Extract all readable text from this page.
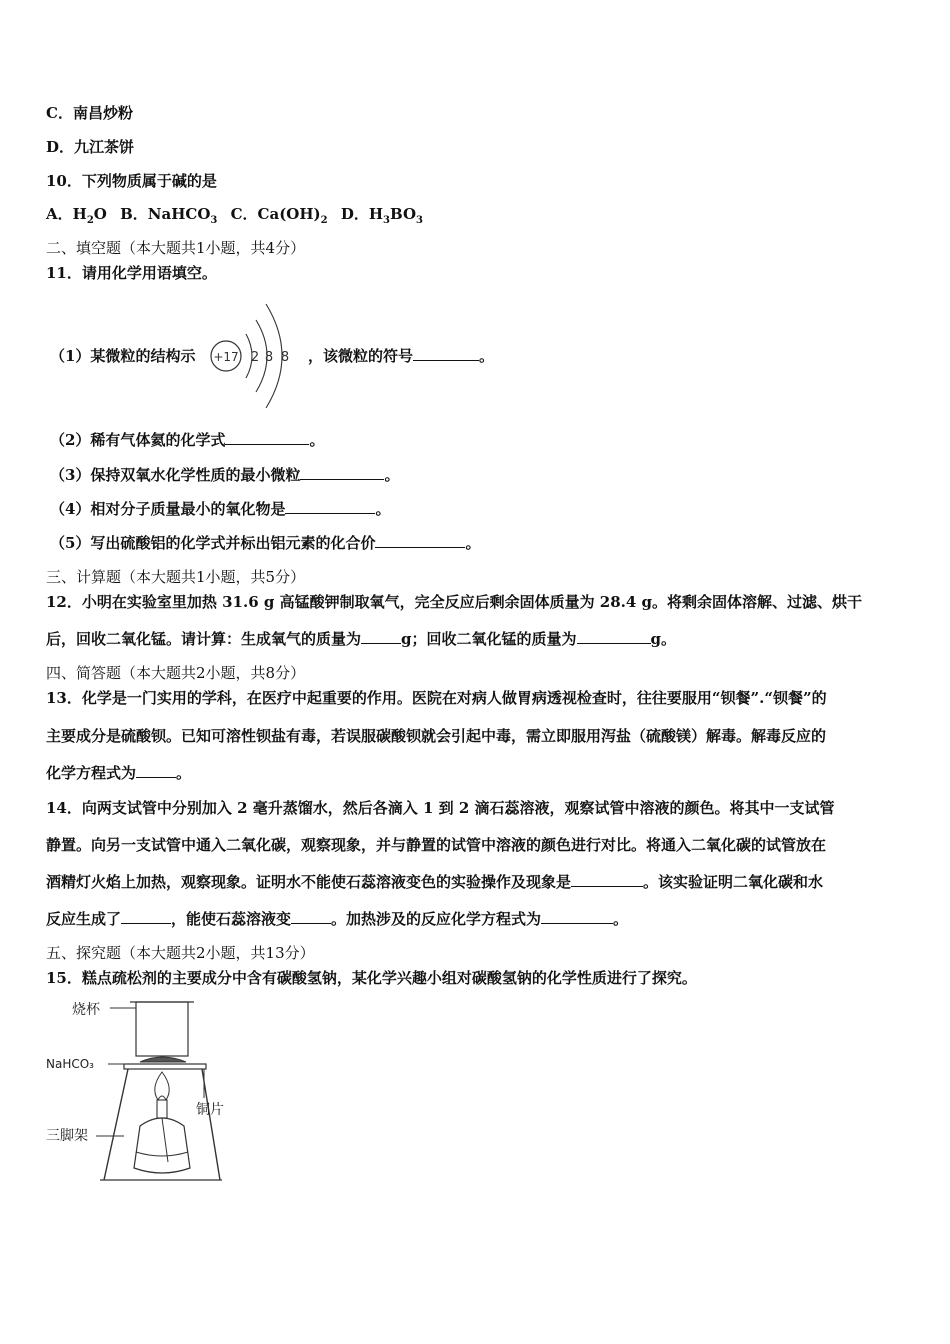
C．南昌炒粉
D．九江茶饼
10．下列物质属于碱的是
A．$H_2O$ B．NaHCO$_3$ C．$Ca(OH)_2$ D．$H_3BO_3$
二、填空题（本大题共1小题，共4分）
11．请用化学用语填空。
（1）某微粒的结构示 +17 2 8 8 ，该微粒的符号	。
（2）稀有气体氦的化学式	。
（3）保持双氧水化学性质的最小微粒	。
（4）相对分子质量最小的氧化物是	。
（5）写出硫酸铝的化学式并标出铝元素的化合价	。
三、计算题（本大题共1小题，共5分）
12．小明在实验室里加热 31.6 g 高锰酸钾制取氧气，完全反应后剩余固体质量为 28.4 g。将剩余固体溶解、过滤、烘干
后，回收二氧化锰。请计算：生成氧气的质量为	g；回收二氧化锰的质量为	g。
四、简答题（本大题共2小题，共8分）
13．化学是一门实用的学科，在医疗中起重要的作用。医院在对病人做胃病透视检查时，往往要服用“钡餐”.“钡餐”的
主要成分是硫酸钡。已知可溶性钡盐有毒，若误服碳酸钡就会引起中毒，需立即服用泻盐（硫酸镁）解毒。解毒反应的
化学方程式为	。
14．向两支试管中分别加入 2 毫升蒸馏水，然后各滴入 1 到 2 滴石蕊溶液，观察试管中溶液的颜色。将其中一支试管
静置。向另一支试管中通入二氧化碳，观察现象，并与静置的试管中溶液的颜色进行对比。将通入二氧化碳的试管放在
酒精灯火焰上加热，观察现象。证明水不能使石蕊溶液变色的实验操作及现象是	。该实验证明二氧化碳和水
反应生成了	，能使石蕊溶液变	。加热涉及的反应化学方程式为	。
五、探究题（本大题共2小题，共13分）
15．糕点疏松剂的主要成分中含有碳酸氢钠，某化学兴趣小组对碳酸氢钠的化学性质进行了探究。
烧杯
NaHCO₃
铜片
三脚架
